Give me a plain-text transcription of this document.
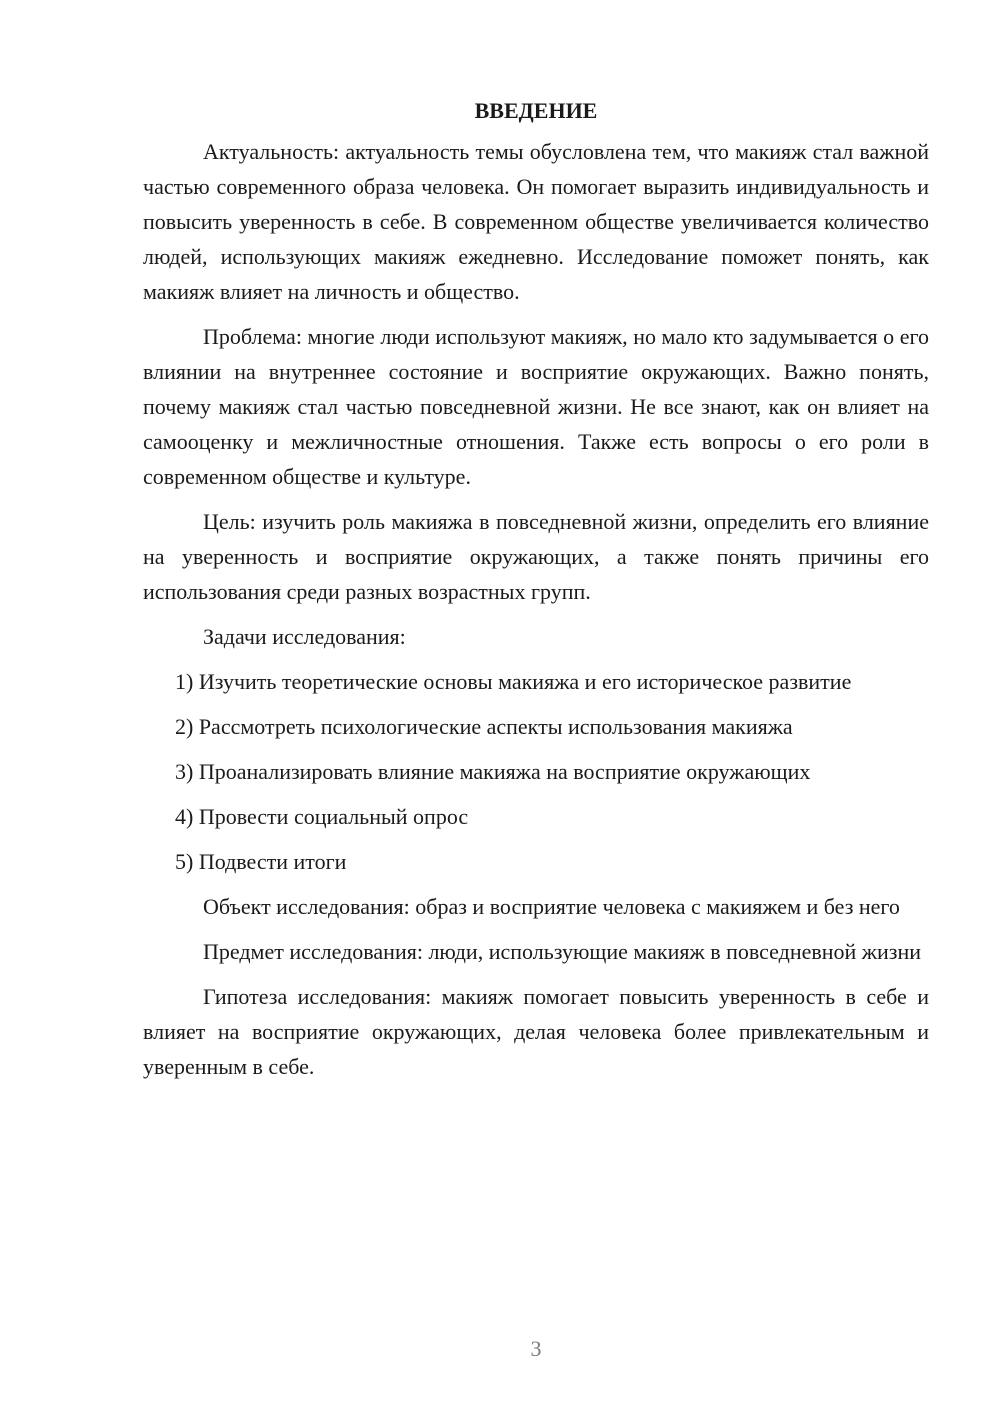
ВВЕДЕНИЕ

Актуальность: актуальность темы обусловлена тем, что макияж стал важной частью современного образа человека. Он помогает выразить индивидуальность и повысить уверенность в себе. В современном обществе увеличивается количество людей, использующих макияж ежедневно. Исследование поможет понять, как макияж влияет на личность и общество.

Проблема: многие люди используют макияж, но мало кто задумывается о его влиянии на внутреннее состояние и восприятие окружающих. Важно понять, почему макияж стал частью повседневной жизни. Не все знают, как он влияет на самооценку и межличностные отношения. Также есть вопросы о его роли в современном обществе и культуре.

Цель: изучить роль макияжа в повседневной жизни, определить его влияние на уверенность и восприятие окружающих, а также понять причины его использования среди разных возрастных групп.

Задачи исследования:

1) Изучить теоретические основы макияжа и его историческое развитие
2) Рассмотреть психологические аспекты использования макияжа
3) Проанализировать влияние макияжа на восприятие окружающих
4) Провести социальный опрос
5) Подвести итоги

Объект исследования: образ и восприятие человека с макияжем и без него

Предмет исследования: люди, использующие макияж в повседневной жизни

Гипотеза исследования: макияж помогает повысить уверенность в себе и влияет на восприятие окружающих, делая человека более привлекательным и уверенным в себе.

3
